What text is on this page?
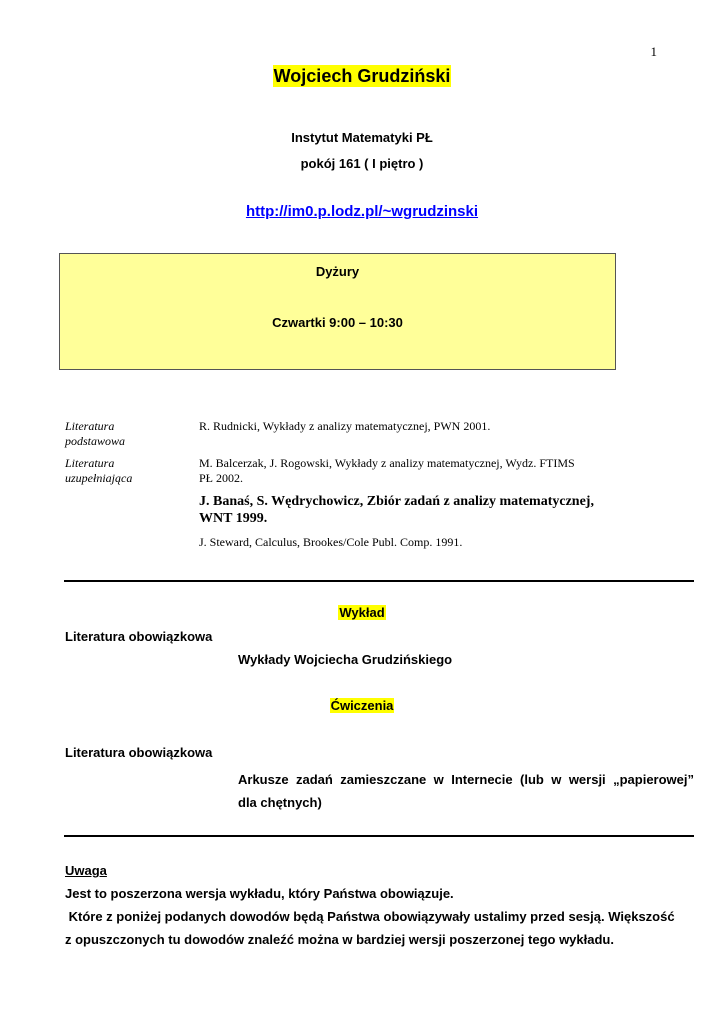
1
Wojciech Grudziński
Instytut Matematyki PŁ
pokój 161 ( I piętro )
http://im0.p.lodz.pl/~wgrudzinski
Dyżury
Czwartki 9:00 – 10:30
Literatura
podstawowa
R. Rudnicki, Wykłady z analizy matematycznej, PWN 2001.
Literatura
uzupełniająca
M. Balcerzak, J. Rogowski, Wykłady z analizy matematycznej, Wydz. FTIMS
PŁ 2002.
J. Banaś, S. Wędrychowicz, Zbiór zadań z analizy matematycznej,
WNT 1999.
J. Steward, Calculus, Brookes/Cole Publ. Comp. 1991.
Wykład
Literatura obowiązkowa
Wykłady Wojciecha Grudzińskiego
Ćwiczenia
Literatura obowiązkowa
Arkusze zadań zamieszczane w Internecie (lub w wersji „papierowej”
dla chętnych)
Uwaga
Jest to poszerzona wersja wykładu, który Państwa obowiązuje.
Które z poniżej podanych dowodów będą Państwa obowiązywały ustalimy przed sesją. Większość
z opuszczonych tu dowodów znaleźć można w bardziej wersji poszerzonej tego wykładu.
